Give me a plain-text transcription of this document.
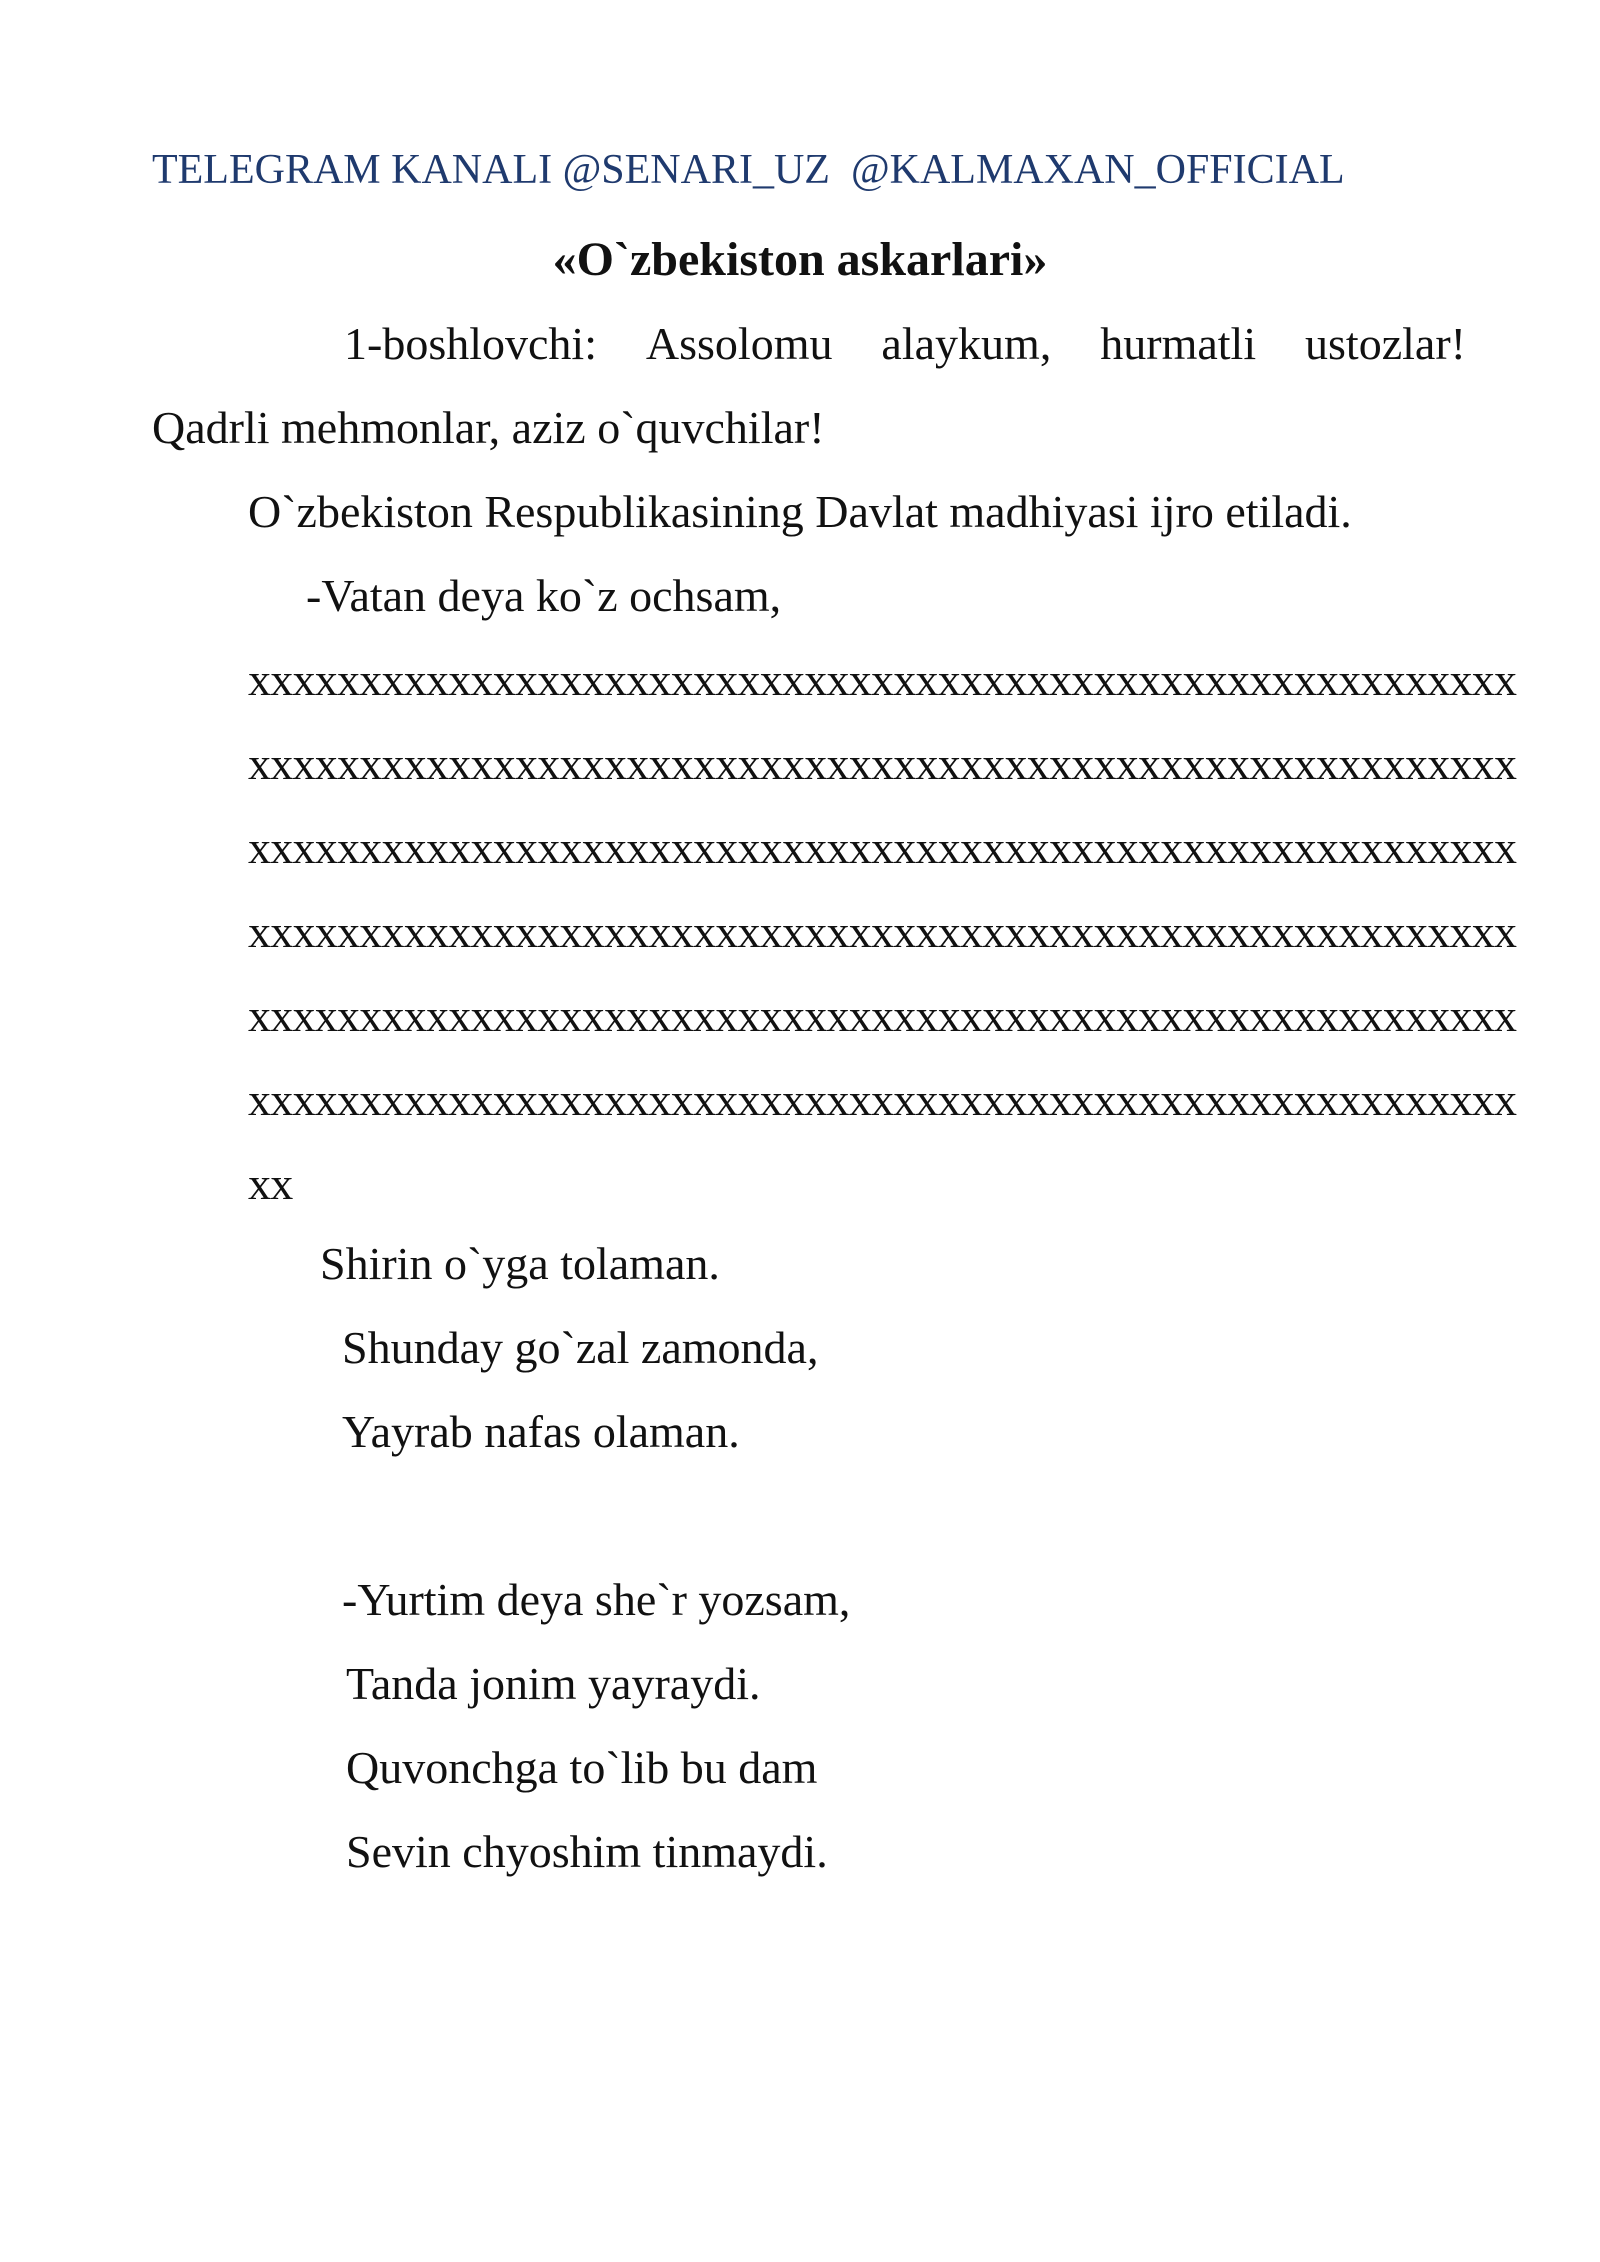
TELEGRAM KANALI @SENARI_UZ  @KALMAXAN_OFFICIAL
«O`zbekiston askarlari»
1-boshlovchi: Assolomu alaykum, hurmatli ustozlar!
Qadrli mehmonlar, aziz o`quvchilar!
O`zbekiston Respublikasining Davlat madhiyasi ijro etiladi.
-Vatan deya ko`z ochsam,
xxxxxxxxxxxxxxxxxxxxxxxxxxxxxxxxxxxxxxxxxxxxxxxxxxxxxxxxx
xxxxxxxxxxxxxxxxxxxxxxxxxxxxxxxxxxxxxxxxxxxxxxxxxxxxxxxxx
xxxxxxxxxxxxxxxxxxxxxxxxxxxxxxxxxxxxxxxxxxxxxxxxxxxxxxxxx
xxxxxxxxxxxxxxxxxxxxxxxxxxxxxxxxxxxxxxxxxxxxxxxxxxxxxxxxx
xxxxxxxxxxxxxxxxxxxxxxxxxxxxxxxxxxxxxxxxxxxxxxxxxxxxxxxxx
xxxxxxxxxxxxxxxxxxxxxxxxxxxxxxxxxxxxxxxxxxxxxxxxxxxxxxxxx
xx
Shirin o`yga tolaman.
Shunday go`zal zamonda,
Yayrab nafas olaman.
-Yurtim deya she`r yozsam,
Tanda jonim yayraydi.
Quvonchga to`lib bu dam
Sevin chyoshim tinmaydi.
